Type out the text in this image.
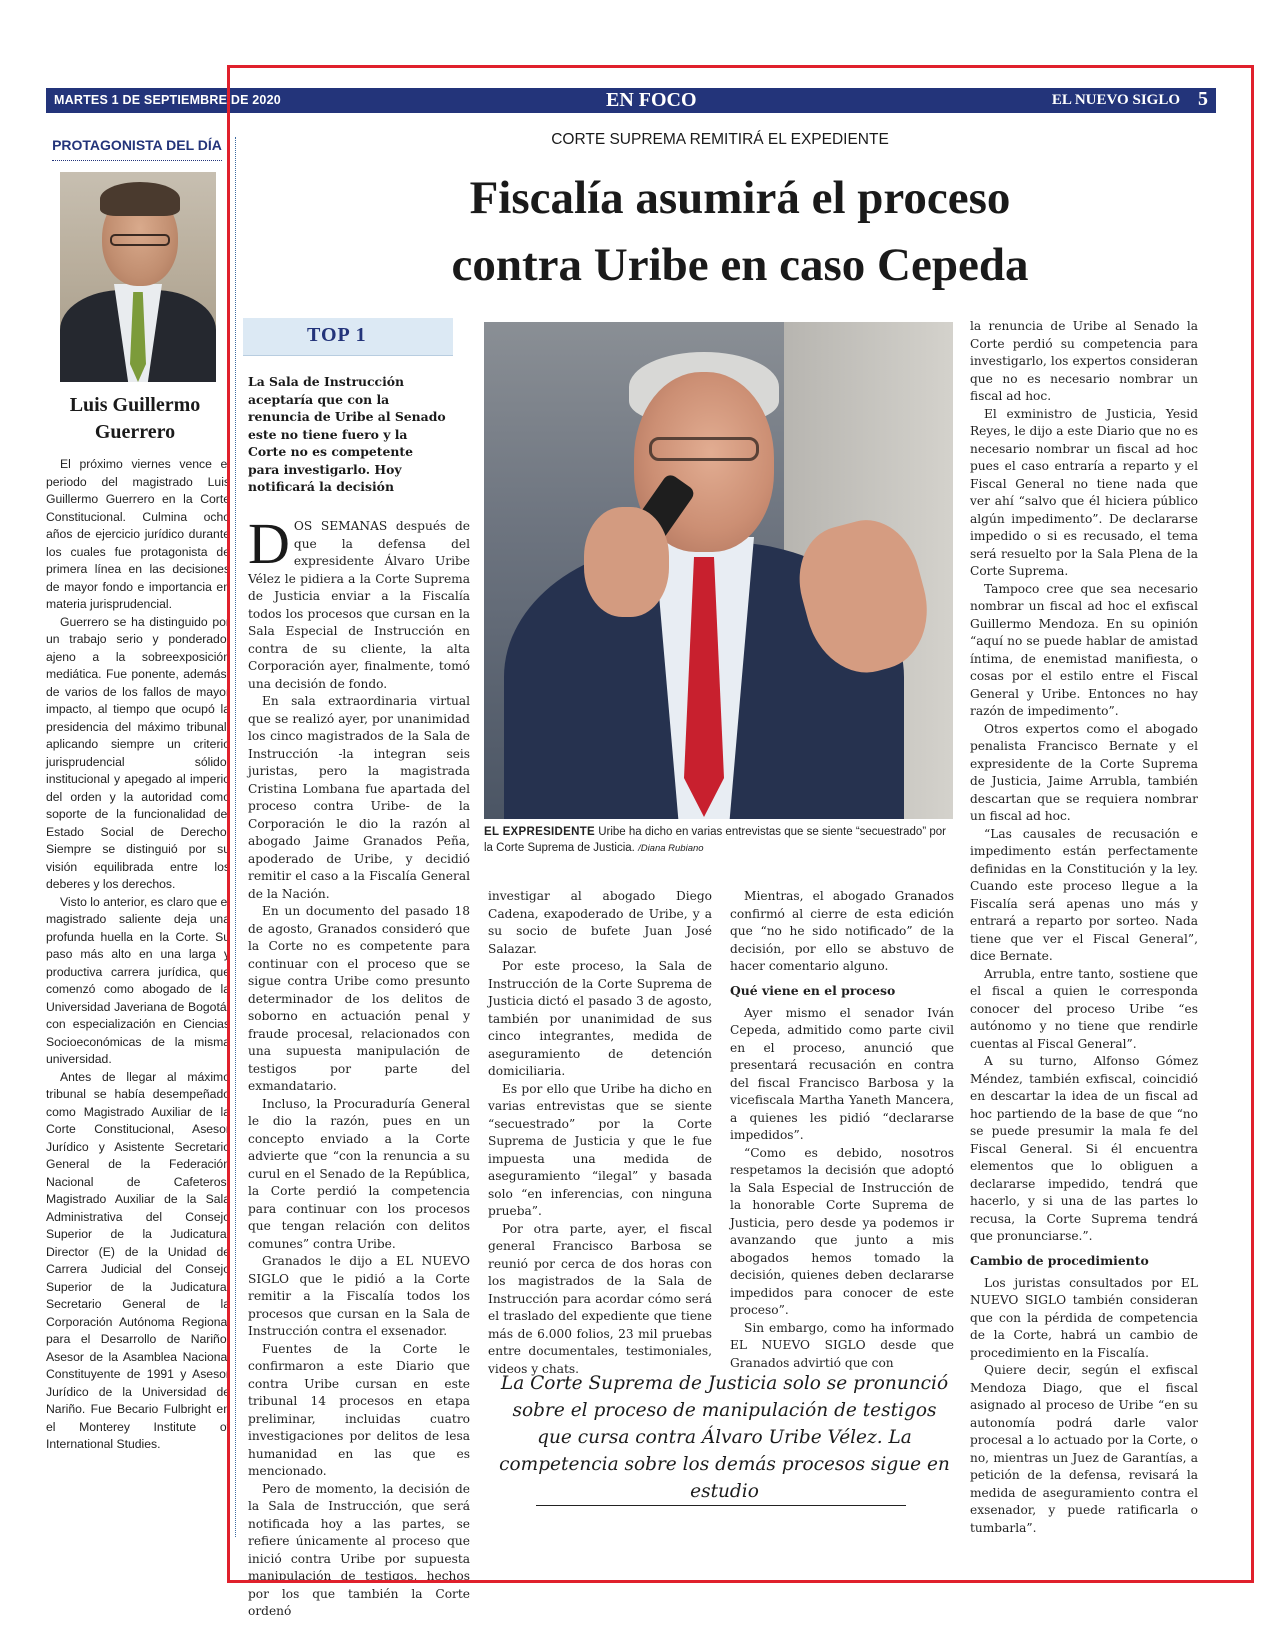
MARTES 1 DE SEPTIEMBRE DE 2020	EN FOCO	EL NUEVO SIGLO 5
PROTAGONISTA DEL DÍA
Luis Guillermo
Guerrero

El próximo viernes vence el periodo del magistrado Luis Guillermo Guerrero en la Corte Constitucional. Culmina ocho años de ejercicio jurídico durante los cuales fue protagonista de primera línea en las decisiones de mayor fondo e importancia en materia jurisprudencial.

Guerrero se ha distinguido por un trabajo serio y ponderado, ajeno a la sobreexposición mediática. Fue ponente, además, de varios de los fallos de mayor impacto, al tiempo que ocupó la presidencia del máximo tribunal, aplicando siempre un criterio jurisprudencial sólido, institucional y apegado al imperio del orden y la autoridad como soporte de la funcionalidad del Estado Social de Derecho. Siempre se distinguió por su visión equilibrada entre los deberes y los derechos.

Visto lo anterior, es claro que el magistrado saliente deja una profunda huella en la Corte. Su paso más alto en una larga y productiva carrera jurídica, que comenzó como abogado de la Universidad Javeriana de Bogotá, con especialización en Ciencias Socioeconómicas de la misma universidad.

Antes de llegar al máximo tribunal se había desempeñado como Magistrado Auxiliar de la Corte Constitucional, Asesor Jurídico y Asistente Secretario General de la Federación Nacional de Cafeteros, Magistrado Auxiliar de la Sala Administrativa del Consejo Superior de la Judicatura, Director (E) de la Unidad de Carrera Judicial del Consejo Superior de la Judicatura, Secretario General de la Corporación Autónoma Regional para el Desarrollo de Nariño, Asesor de la Asamblea Nacional Constituyente de 1991 y Asesor Jurídico de la Universidad de Nariño. Fue Becario Fulbright en el Monterey Institute of International Studies.

CORTE SUPREMA REMITIRÁ EL EXPEDIENTE
Fiscalía asumirá el proceso
contra Uribe en caso Cepeda
TOP 1
La Sala de Instrucción aceptaría que con la renuncia de Uribe al Senado este no tiene fuero y la Corte no es competente para investigarlo. Hoy notificará la decisión

DOS SEMANAS después de que la defensa del expresidente Álvaro Uribe Vélez le pidiera a la Corte Suprema de Justicia enviar a la Fiscalía todos los procesos que cursan en la Sala Especial de Instrucción en contra de su cliente, la alta Corporación ayer, finalmente, tomó una decisión de fondo.

En sala extraordinaria virtual que se realizó ayer, por unanimidad los cinco magistrados de la Sala de Instrucción -la integran seis juristas, pero la magistrada Cristina Lombana fue apartada del proceso contra Uribe- de la Corporación le dio la razón al abogado Jaime Granados Peña, apoderado de Uribe, y decidió remitir el caso a la Fiscalía General de la Nación.

En un documento del pasado 18 de agosto, Granados consideró que la Corte no es competente para continuar con el proceso que se sigue contra Uribe como presunto determinador de los delitos de soborno en actuación penal y fraude procesal, relacionados con una supuesta manipulación de testigos por parte del exmandatario.

Incluso, la Procuraduría General le dio la razón, pues en un concepto enviado a la Corte advierte que “con la renuncia a su curul en el Senado de la República, la Corte perdió la competencia para continuar con los procesos que tengan relación con delitos comunes” contra Uribe.

Granados le dijo a EL NUEVO SIGLO que le pidió a la Corte remitir a la Fiscalía todos los procesos que cursan en la Sala de Instrucción contra el exsenador.

Fuentes de la Corte le confirmaron a este Diario que contra Uribe cursan en este tribunal 14 procesos en etapa preliminar, incluidas cuatro investigaciones por delitos de lesa humanidad en las que es mencionado.

Pero de momento, la decisión de la Sala de Instrucción, que será notificada hoy a las partes, se refiere únicamente al proceso que inició contra Uribe por supuesta manipulación de testigos, hechos por los que también la Corte ordenó

EL EXPRESIDENTE Uribe ha dicho en varias entrevistas que se siente “secuestrado” por la Corte Suprema de Justicia. /Diana Rubiano

investigar al abogado Diego Cadena, exapoderado de Uribe, y a su socio de bufete Juan José Salazar.

Por este proceso, la Sala de Instrucción de la Corte Suprema de Justicia dictó el pasado 3 de agosto, también por unanimidad de sus cinco integrantes, medida de aseguramiento de detención domiciliaria.

Es por ello que Uribe ha dicho en varias entrevistas que se siente “secuestrado” por la Corte Suprema de Justicia y que le fue impuesta una medida de aseguramiento “ilegal” y basada solo “en inferencias, con ninguna prueba”.

Por otra parte, ayer, el fiscal general Francisco Barbosa se reunió por cerca de dos horas con los magistrados de la Sala de Instrucción para acordar cómo será el traslado del expediente que tiene más de 6.000 folios, 23 mil pruebas entre documentales, testimoniales, videos y chats.

Mientras, el abogado Granados confirmó al cierre de esta edición que “no he sido notificado” de la decisión, por ello se abstuvo de hacer comentario alguno.

Qué viene en el proceso

Ayer mismo el senador Iván Cepeda, admitido como parte civil en el proceso, anunció que presentará recusación en contra del fiscal Francisco Barbosa y la vicefiscala Martha Yaneth Mancera, a quienes les pidió “declararse impedidos”.

“Como es debido, nosotros respetamos la decisión que adoptó la Sala Especial de Instrucción de la honorable Corte Suprema de Justicia, pero desde ya podemos ir avanzando que junto a mis abogados hemos tomado la decisión, quienes deben declararse impedidos para conocer de este proceso”.

Sin embargo, como ha informado EL NUEVO SIGLO desde que Granados advirtió que con

la renuncia de Uribe al Senado la Corte perdió su competencia para investigarlo, los expertos consideran que no es necesario nombrar un fiscal ad hoc.

El exministro de Justicia, Yesid Reyes, le dijo a este Diario que no es necesario nombrar un fiscal ad hoc pues el caso entraría a reparto y el Fiscal General no tiene nada que ver ahí “salvo que él hiciera público algún impedimento”. De declararse impedido o si es recusado, el tema será resuelto por la Sala Plena de la Corte Suprema.

Tampoco cree que sea necesario nombrar un fiscal ad hoc el exfiscal Guillermo Mendoza. En su opinión “aquí no se puede hablar de amistad íntima, de enemistad manifiesta, o cosas por el estilo entre el Fiscal General y Uribe. Entonces no hay razón de impedimento”.

Otros expertos como el abogado penalista Francisco Bernate y el expresidente de la Corte Suprema de Justicia, Jaime Arrubla, también descartan que se requiera nombrar un fiscal ad hoc.

“Las causales de recusación e impedimento están perfectamente definidas en la Constitución y la ley. Cuando este proceso llegue a la Fiscalía será apenas uno más y entrará a reparto por sorteo. Nada tiene que ver el Fiscal General”, dice Bernate.

Arrubla, entre tanto, sostiene que el fiscal a quien le corresponda conocer del proceso Uribe “es autónomo y no tiene que rendirle cuentas al Fiscal General”.

A su turno, Alfonso Gómez Méndez, también exfiscal, coincidió en descartar la idea de un fiscal ad hoc partiendo de la base de que “no se puede presumir la mala fe del Fiscal General. Si él encuentra elementos que lo obliguen a declararse impedido, tendrá que hacerlo, y si una de las partes lo recusa, la Corte Suprema tendrá que pronunciarse.”.

Cambio de procedimiento

Los juristas consultados por EL NUEVO SIGLO también consideran que con la pérdida de competencia de la Corte, habrá un cambio de procedimiento en la Fiscalía.

Quiere decir, según el exfiscal Mendoza Diago, que el fiscal asignado al proceso de Uribe “en su autonomía podrá darle valor procesal a lo actuado por la Corte, o no, mientras un Juez de Garantías, a petición de la defensa, revisará la medida de aseguramiento contra el exsenador, y puede ratificarla o tumbarla”.

La Corte Suprema de Justicia solo se pronunció sobre el proceso de manipulación de testigos que cursa contra Álvaro Uribe Vélez. La competencia sobre los demás procesos sigue en estudio
